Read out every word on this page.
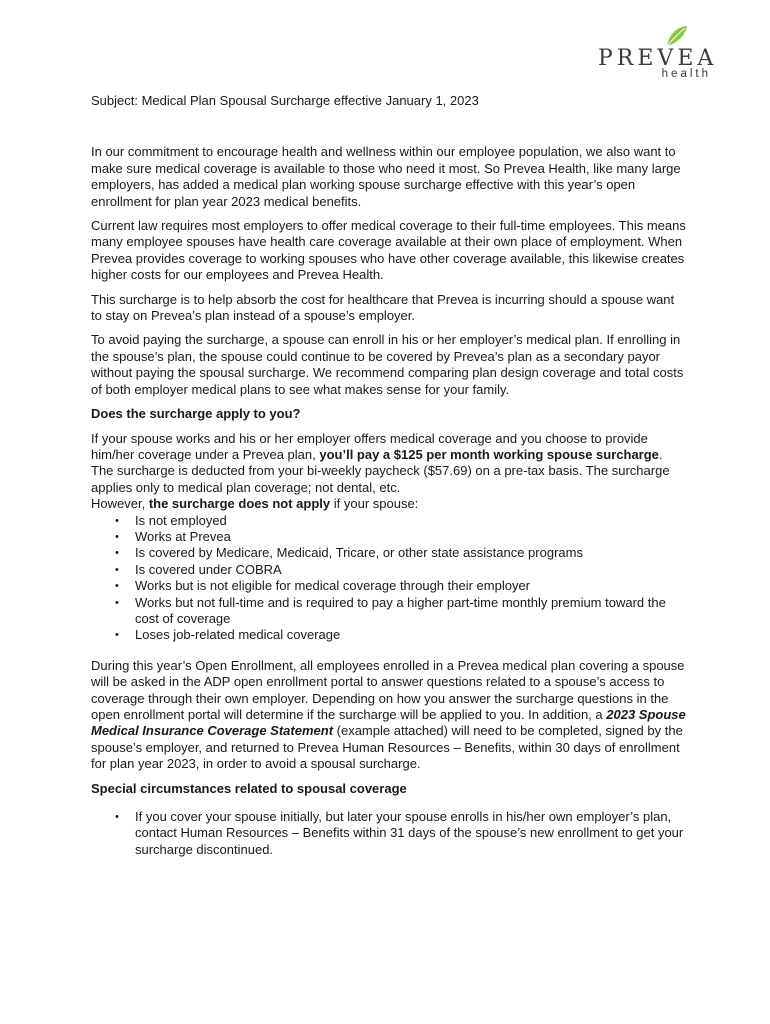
PREVEA
health

Subject: Medical Plan Spousal Surcharge effective January 1, 2023

In our commitment to encourage health and wellness within our employee population, we also want to make sure medical coverage is available to those who need it most. So Prevea Health, like many large employers, has added a medical plan working spouse surcharge effective with this year’s open enrollment for plan year 2023 medical benefits.

Current law requires most employers to offer medical coverage to their full-time employees. This means many employee spouses have health care coverage available at their own place of employment. When Prevea provides coverage to working spouses who have other coverage available, this likewise creates higher costs for our employees and Prevea Health.

This surcharge is to help absorb the cost for healthcare that Prevea is incurring should a spouse want to stay on Prevea’s plan instead of a spouse’s employer.

To avoid paying the surcharge, a spouse can enroll in his or her employer’s medical plan. If enrolling in the spouse’s plan, the spouse could continue to be covered by Prevea’s plan as a secondary payor without paying the spousal surcharge. We recommend comparing plan design coverage and total costs of both employer medical plans to see what makes sense for your family.

Does the surcharge apply to you?

If your spouse works and his or her employer offers medical coverage and you choose to provide him/her coverage under a Prevea plan, you’ll pay a $125 per month working spouse surcharge. The surcharge is deducted from your bi-weekly paycheck ($57.69) on a pre-tax basis. The surcharge applies only to medical plan coverage; not dental, etc.

However, the surcharge does not apply if your spouse:

• Is not employed
• Works at Prevea
• Is covered by Medicare, Medicaid, Tricare, or other state assistance programs
• Is covered under COBRA
• Works but is not eligible for medical coverage through their employer
• Works but not full-time and is required to pay a higher part-time monthly premium toward the cost of coverage
• Loses job-related medical coverage

During this year’s Open Enrollment, all employees enrolled in a Prevea medical plan covering a spouse will be asked in the ADP open enrollment portal to answer questions related to a spouse’s access to coverage through their own employer. Depending on how you answer the surcharge questions in the open enrollment portal will determine if the surcharge will be applied to you. In addition, a 2023 Spouse Medical Insurance Coverage Statement (example attached) will need to be completed, signed by the spouse’s employer, and returned to Prevea Human Resources – Benefits, within 30 days of enrollment for plan year 2023, in order to avoid a spousal surcharge.

Special circumstances related to spousal coverage

• If you cover your spouse initially, but later your spouse enrolls in his/her own employer’s plan, contact Human Resources – Benefits within 31 days of the spouse’s new enrollment to get your surcharge discontinued.
